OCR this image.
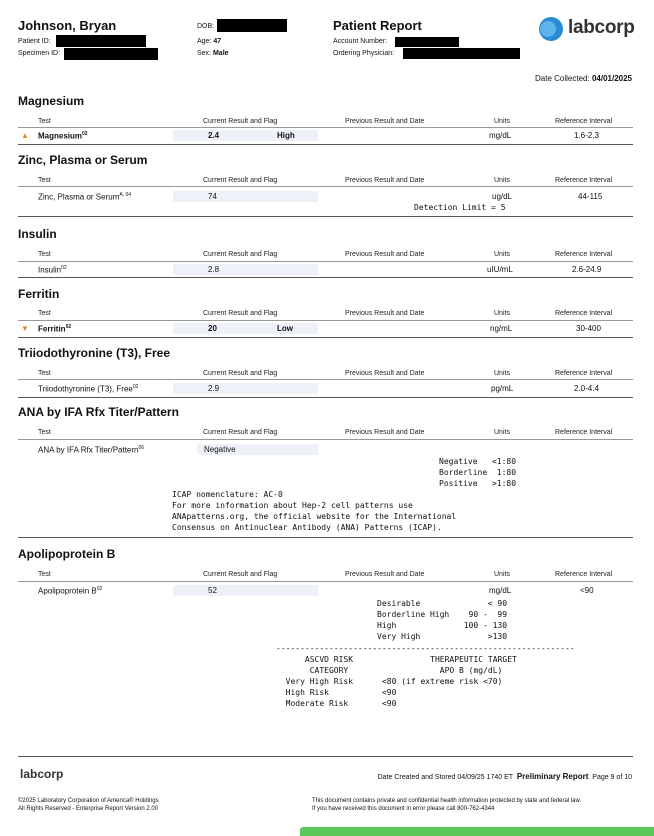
Johnson, Bryan
Patient ID:
Specimen ID:
DOB:
Age: 47
Sex: Male
Patient Report
Account Number:
Ordering Physician:
labcorp
Date Collected: 04/01/2025
Magnesium
Test	Current Result and Flag	Previous Result and Date	Units	Reference Interval
▲ Magnesium$^{02}$	2.4	High	mg/dL	1.6-2.3
Zinc, Plasma or Serum
Test	Current Result and Flag	Previous Result and Date	Units	Reference Interval
Zinc, Plasma or Serum$^{A, 04}$	74	ug/dL	44-115
Detection Limit = 5
Insulin
Test	Current Result and Flag	Previous Result and Date	Units	Reference Interval
Insulin$^{02}$	2.8	uIU/mL	2.6-24.9
Ferritin
Test	Current Result and Flag	Previous Result and Date	Units	Reference Interval
▼ Ferritin$^{02}$	20	Low	ng/mL	30-400
Triiodothyronine (T3), Free
Test	Current Result and Flag	Previous Result and Date	Units	Reference Interval
Triiodothyronine (T3), Free$^{02}$	2.9	pg/mL	2.0-4.4
ANA by IFA Rfx Titer/Pattern
Test	Current Result and Flag	Previous Result and Date	Units	Reference Interval
ANA by IFA Rfx Titer/Pattern$^{06}$	Negative
Negative   <1:80
Borderline  1:80
Positive   >1:80
ICAP nomenclature: AC-0
For more information about Hep-2 cell patterns use
ANApatterns.org, the official website for the International
Consensus on Antinuclear Antibody (ANA) Patterns (ICAP).
Apolipoprotein B
Test	Current Result and Flag	Previous Result and Date	Units	Reference Interval
Apolipoprotein $B^{02}$	52	mg/dL	<90
Desirable              < 90
Borderline High    90 -  99
High              100 - 130
Very High              >130
--------------------------------------------------------------
ASCVD RISK                THERAPEUTIC TARGET
CATEGORY                   APO B (mg/dL)
Very High Risk      <80 (if extreme risk <70)
High Risk           <90
Moderate Risk       <90
labcorp	Date Created and Stored 04/09/25 1740 ET Preliminary Report Page 9 of 10
©2025 Laboratory Corporation of America® Holdings
All Rights Reserved - Enterprise Report Version 2.00
This document contains private and confidential health information protected by state and federal law.
If you have received this document in error please call 800-762-4344
